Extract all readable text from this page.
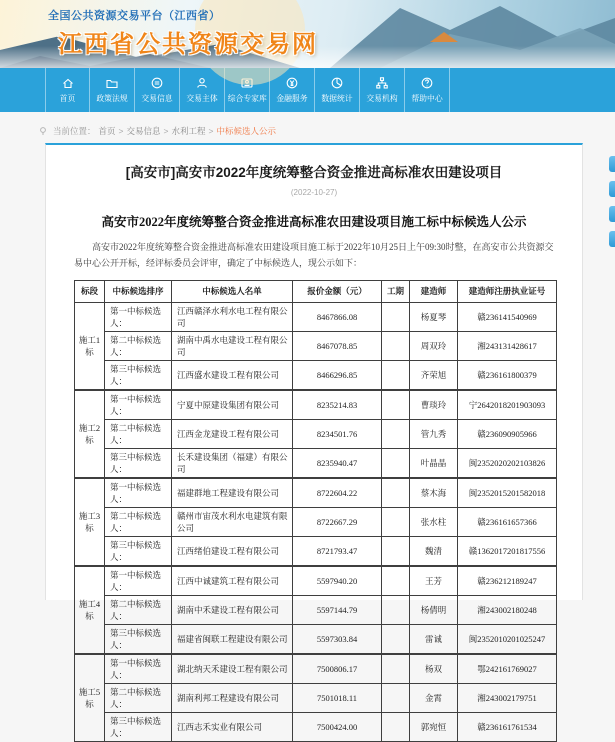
全国公共资源交易平台（江西省）
江西省公共资源交易网
首页 政策法规 交易信息 交易主体 综合专家库 金融服务 数据统计 交易机构 帮助中心
当前位置： 首页 > 交易信息 > 水利工程 > 中标候选人公示
[高安市]高安市2022年度统筹整合资金推进高标准农田建设项目
(2022-10-27)
高安市2022年度统筹整合资金推进高标准农田建设项目施工标中标候选人公示
高安市2022年度统筹整合资金推进高标准农田建设项目施工标于2022年10月25日上午09:30时整，在高安市公共资源交易中心公开开标，经评标委员会评审，确定了中标候选人，现公示如下：
标段	中标候选排序	中标候选人名单	报价金额（元）	工期	建造师	建造师注册执业证号
施工1标	第一中标候选人：	江西赣泽水利水电工程有限公司	8467866.08		杨夏琴	赣236141540969
	第二中标候选人：	湖南中禹水电建设工程有限公司	8467078.85		周双玲	湘243131428617
	第三中标候选人：	江西盛水建设工程有限公司	8466296.85		齐荣旭	赣236161800379
施工2标	第一中标候选人：	宁夏中原建设集团有限公司	8235214.83		曹琰玲	宁2642018201903093
	第二中标候选人：	江西金龙建设工程有限公司	8234501.76		管九秀	赣236090905966
	第三中标候选人：	长禾建设集团（福建）有限公司	8235940.47		叶晶晶	闽2352020202103826
施工3标	第一中标候选人：	福建群地工程建设有限公司	8722604.22		蔡木海	闽2352015201582018
	第二中标候选人：	赣州市宙茂水利水电建筑有限公司	8722667.29		张水柱	赣236161657366
	第三中标候选人：	江西绪伯建设工程有限公司	8721793.47		魏清	赣1362017201817556
施工4标	第一中标候选人：	江西中诚建筑工程有限公司	5597940.20		王芳	赣236212189247
	第二中标候选人：	湖南中禾建设工程有限公司	5597144.79		杨倩明	湘243002180248
	第三中标候选人：	福建省闽联工程建设有限公司	5597303.84		雷诚	闽2352010201025247
施工5标	第一中标候选人：	湖北纳天禾建设工程有限公司	7500806.17		杨双	鄂242161769027
	第二中标候选人：	湖南利邦工程建设有限公司	7501018.11		金霄	湘243002179751
	第三中标候选人：	江西志禾实业有限公司	7500424.00		郭宛恒	赣236161761534
